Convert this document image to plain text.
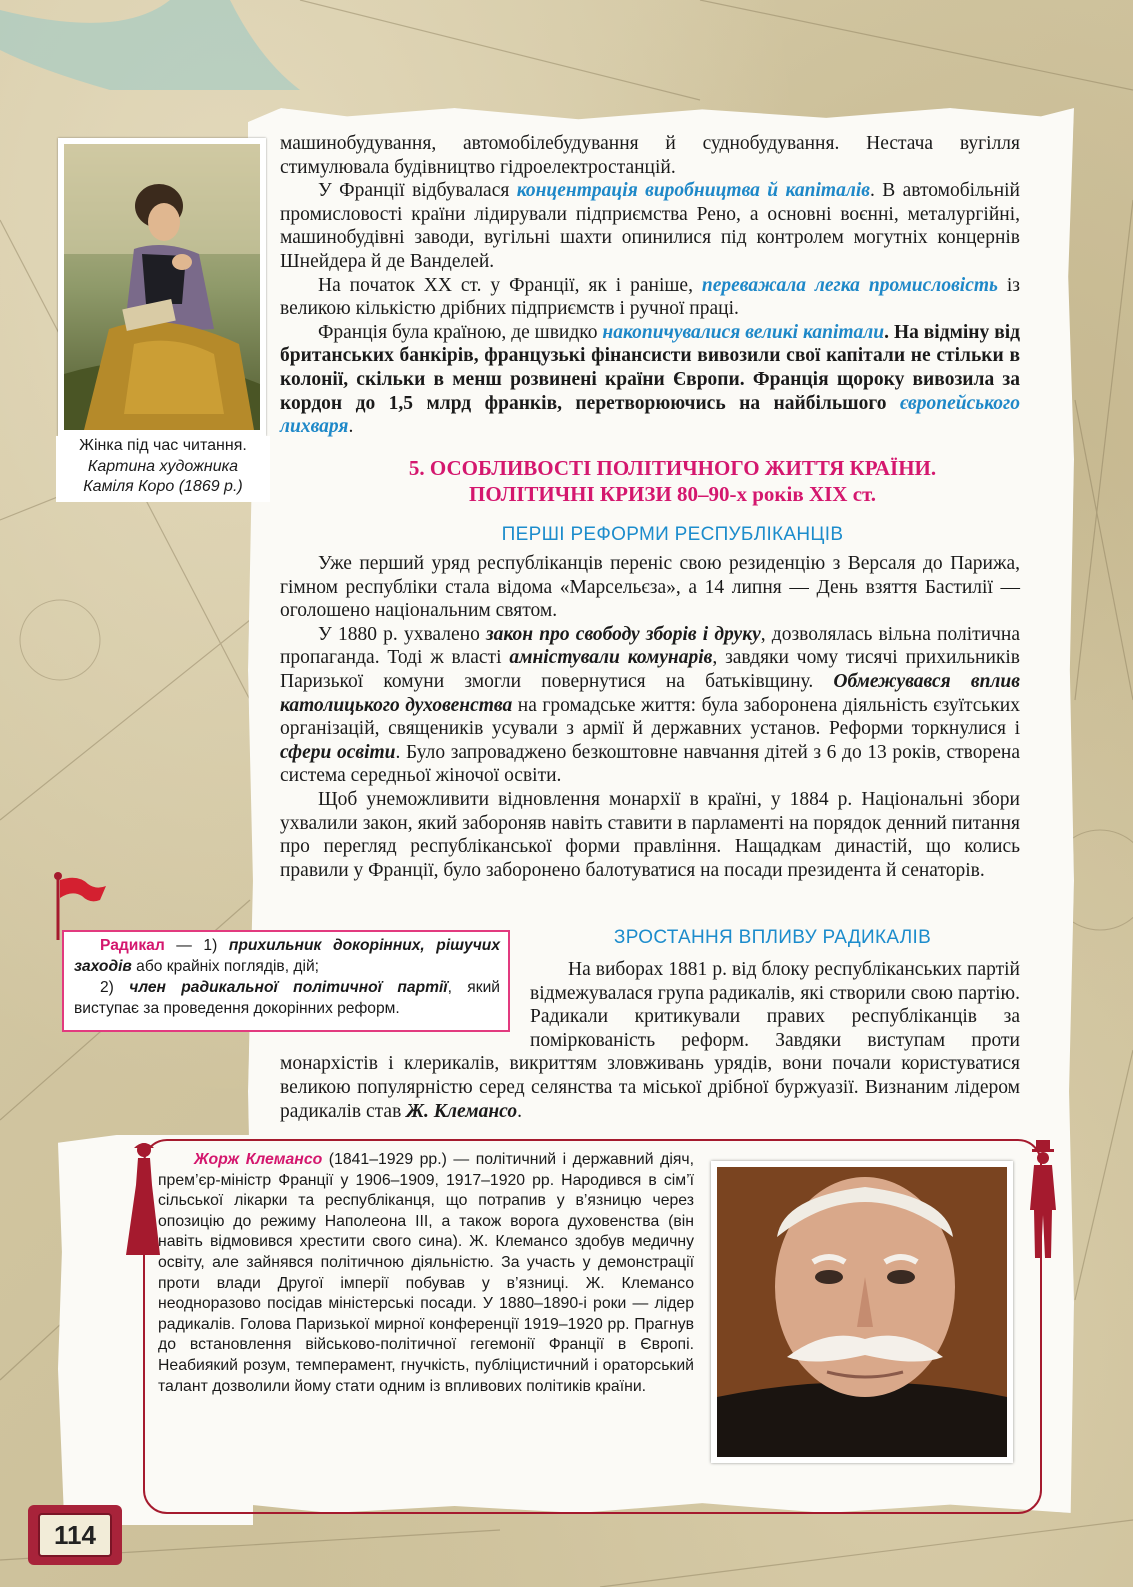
Жінка під час читання.
Картина художника
Каміля Коро (1869 р.)

машинобудування, автомобілебудування й суднобудування. Нестача вугілля стимулювала будівництво гідроелектростанцій.

У Франції відбувалася концентрація виробництва й капіталів. В автомобільній промисловості країни лідирували підприємства Рено, а основні воєнні, металургійні, машинобудівні заводи, вугільні шахти опинилися під контролем могутніх концернів Шнейдера й де Ванделей.

На початок XX ст. у Франції, як і раніше, переважала легка промисловість із великою кількістю дрібних підприємств і ручної праці.

Франція була країною, де швидко накопичувалися великі капітали. На відміну від британських банкірів, французькі фінансисти вивозили свої капітали не стільки в колонії, скільки в менш розвинені країни Європи. Франція щороку вивозила за кордон до 1,5 млрд франків, перетворюючись на найбільшого європейського лихваря.

5. ОСОБЛИВОСТІ ПОЛІТИЧНОГО ЖИТТЯ КРАЇНИ.
ПОЛІТИЧНІ КРИЗИ 80–90-х років XIX ст.
ПЕРШІ РЕФОРМИ РЕСПУБЛІКАНЦІВ

Уже перший уряд республіканців переніс свою резиденцію з Версаля до Парижа, гімном республіки стала відома «Марсельєза», а 14 липня — День взяття Бастилії — оголошено національним святом.

У 1880 р. ухвалено закон про свободу зборів і друку, дозволялась вільна політична пропаганда. Тоді ж власті амністували комунарів, завдяки чому тисячі прихильників Паризької комуни змогли повернутися на батьківщину. Обмежувався вплив католицького духовенства на громадське життя: була заборонена діяльність єзуїтських організацій, священиків усували з армії й державних установ. Реформи торкнулися і сфери освіти. Було запроваджено безкоштовне навчання дітей з 6 до 13 років, створена система середньої жіночої освіти.

Щоб унеможливити відновлення монархії в країні, у 1884 р. Національні збори ухвалили закон, який забороняв навіть ставити в парламенті на порядок денний питання про перегляд республіканської форми правління. Нащадкам династій, що колись правили у Франції, було заборонено балотуватися на посади президента й сенаторів.

Радикал — 1) прихильник докорінних, рішучих заходів або крайніх поглядів, дій;
2) член радикальної політичної партії, який виступає за проведення докорінних реформ.
ЗРОСТАННЯ ВПЛИВУ РАДИКАЛІВ

На виборах 1881 р. від блоку республіканських партій відмежувалася група радикалів, які створили свою партію. Радикали критикували правих республіканців за поміркованість реформ. Завдяки виступам проти монархістів і клерикалів, викриттям зловживань урядів, вони почали користуватися великою популярністю серед селянства та міської дрібної буржуазії. Визнаним лідером радикалів став Ж. Клемансо.

Жорж Клемансо (1841–1929 рр.) — політичний і державний діяч, прем’єр-міністр Франції у 1906–1909, 1917–1920 рр. Народився в сім’ї сільської лікарки та республіканця, що потрапив у в’язницю через опозицію до режиму Наполеона III, а також ворога духовенства (він навіть відмовився хрестити свого сина). Ж. Клемансо здобув медичну освіту, але зайнявся політичною діяльністю. За участь у демонстрації проти влади Другої імперії побував у в’язниці. Ж. Клемансо неодноразово посідав міністерські посади. У 1880–1890-і роки — лідер радикалів. Голова Паризької мирної конференції 1919–1920 рр. Прагнув до встановлення військово-політичної гегемонії Франції в Європі. Неабиякий розум, темперамент, гнучкість, публіцистичний і ораторський талант дозволили йому стати одним із впливових політиків країни.

114
